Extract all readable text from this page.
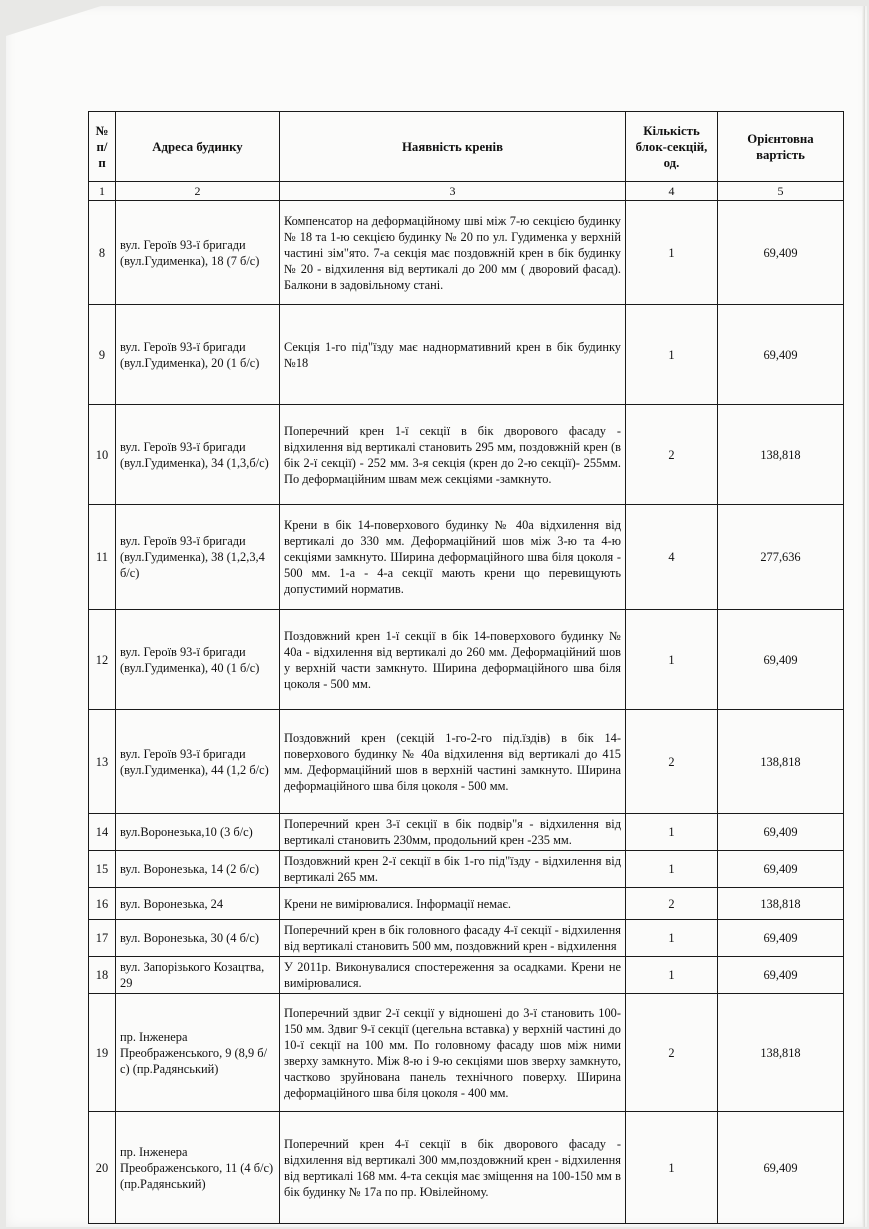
№ п/п	Адреса будинку	Наявність кренів	Кількість блок-секцій, од.	Орієнтовна вартість
1	2	3	4	5
8	вул. Героїв 93-ї бригади (вул.Гудименка), 18 (7 б/с)	Компенсатор на деформаційному шві між 7-ю секцією будинку № 18 та 1-ю секцією будинку № 20 по ул. Гудименка у верхній частині зім"ято. 7-а секція має поздовжній крен в бік будинку № 20 - відхилення від вертикалі до 200 мм ( дворовий фасад). Балкони в задовільному стані.	1	69,409
9	вул. Героїв 93-ї бригади (вул.Гудименка), 20 (1 б/с)	Секція 1-го під"їзду має наднормативний крен в бік будинку №18	1	69,409
10	вул. Героїв 93-ї бригади (вул.Гудименка), 34 (1,3,б/с)	Поперечний крен 1-ї секції в бік дворового фасаду - відхилення від вертикалі становить 295 мм, поздовжній крен (в бік 2-ї секції) - 252 мм. 3-я секція (крен до 2-ю секції)- 255мм. По деформаційним швам меж секціями -замкнуто.	2	138,818
11	вул. Героїв 93-ї бригади (вул.Гудименка), 38 (1,2,3,4 б/с)	Крени в бік 14-поверхового будинку № 40а відхилення від вертикалі до 330 мм. Деформаційний шов між 3-ю та 4-ю секціями замкнуто. Ширина деформаційного шва біля цоколя - 500 мм. 1-а - 4-а секції мають крени що перевищують допустимий норматив.	4	277,636
12	вул. Героїв 93-ї бригади (вул.Гудименка), 40 (1 б/с)	Поздовжний крен 1-ї секції в бік 14-поверхового будинку № 40а - відхилення від вертикалі до 260 мм. Деформаційний шов у верхній части замкнуто. Ширина деформаційного шва біля цоколя - 500 мм.	1	69,409
13	вул. Героїв 93-ї бригади (вул.Гудименка), 44 (1,2 б/с)	Поздовжний крен (секцій 1-го-2-го під.їздів) в бік 14-поверхового будинку № 40а відхилення від вертикалі до 415 мм. Деформаційний шов в верхній частині замкнуто. Ширина деформаційного шва біля цоколя - 500 мм.	2	138,818
14	вул.Воронезька,10 (3 б/с)	Поперечний крен 3-ї секції в бік подвір"я - відхилення від вертикалі становить 230мм, продольний крен -235 мм.	1	69,409
15	вул. Воронезька, 14 (2 б/с)	Поздовжний крен 2-ї секції в бік 1-го під"їзду - відхилення від вертикалі 265 мм.	1	69,409
16	вул. Воронезька, 24	Крени не вимірювалися. Інформації немає.	2	138,818
17	вул. Воронезька, 30 (4 б/с)	Поперечний крен в бік головного фасаду 4-ї секції - відхилення від вертикалі становить 500 мм, поздовжний крен - відхилення	1	69,409
18	вул. Запорізького Козацтва, 29	У 2011р. Виконувалися спостереження за осадками. Крени не вимірювалися.	1	69,409
19	пр. Інженера Преображенського, 9 (8,9 б/с) (пр.Радянський)	Поперечний здвиг 2-ї секції у відношені до 3-ї становить 100-150 мм. Здвиг 9-ї секції (цегельна вставка) у верхній частині до 10-ї секції на 100 мм. По головному фасаду шов між ними зверху замкнуто. Між 8-ю і 9-ю секціями шов зверху замкнуто, частково зруйнована панель технічного поверху. Ширина деформаційного шва біля цоколя - 400 мм.	2	138,818
20	пр. Інженера Преображенського, 11 (4 б/с) (пр.Радянський)	Поперечний крен 4-ї секції в бік дворового фасаду - відхилення від вертикалі 300 мм,поздовжний крен - відхилення від вертикалі 168 мм. 4-та секція має зміщення на 100-150 мм в бік будинку № 17а по пр. Ювілейному.	1	69,409
